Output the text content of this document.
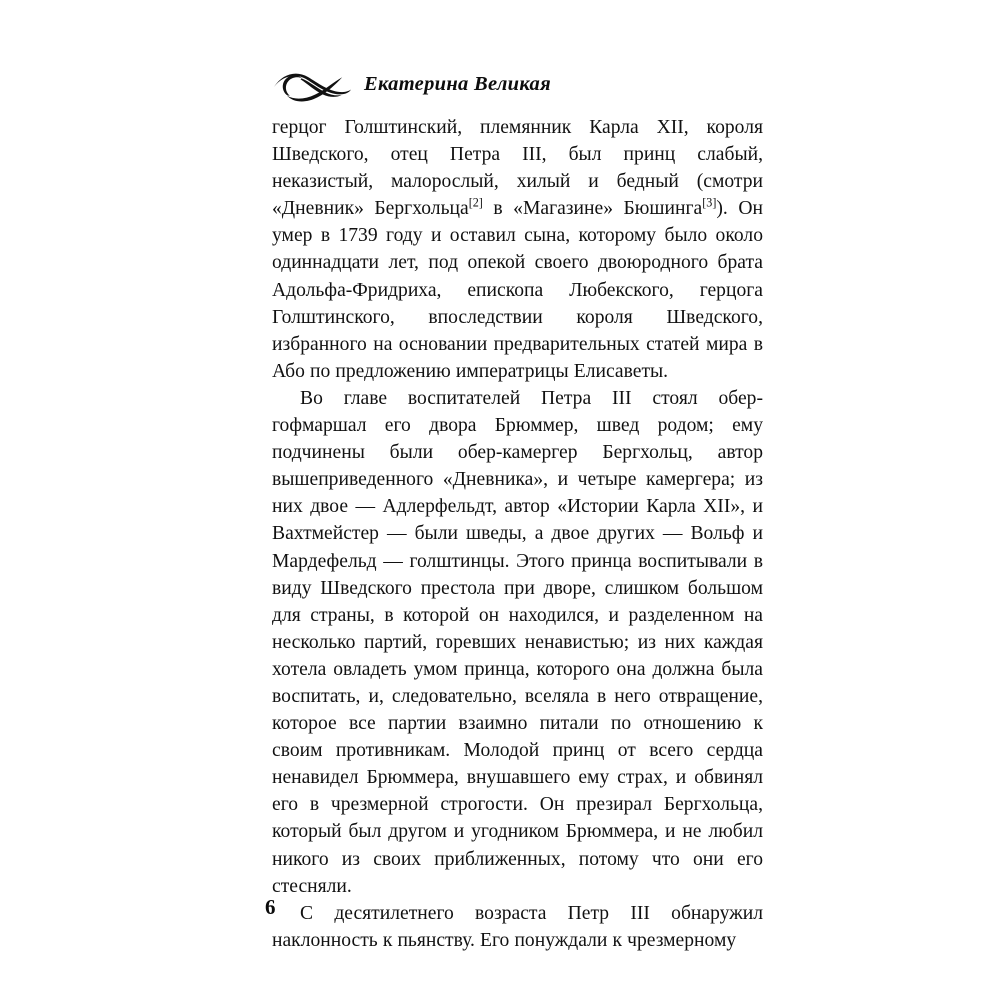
Екатерина Великая

герцог Голштинский, племянник Карла XII, короля Шведского, отец Петра III, был принц слабый, неказистый, малорослый, хилый и бедный (смотри «Дневник» Бергхольца[2] в «Магазине» Бюшинга[3]). Он умер в 1739 году и оставил сына, которому было около одиннадцати лет, под опекой своего двоюродного брата Адольфа-Фридриха, епископа Любекского, герцога Голштинского, впоследствии короля Шведского, избранного на основании предварительных статей мира в Або по предложению императрицы Елисаветы.

Во главе воспитателей Петра III стоял обер-гофмаршал его двора Брюммер, швед родом; ему подчинены были обер-камергер Бергхольц, автор вышеприведенного «Дневника», и четыре камергера; из них двое — Адлерфельдт, автор «Истории Карла XII», и Вахтмейстер — были шведы, а двое других — Вольф и Мардефельд — голштинцы. Этого принца воспитывали в виду Шведского престола при дворе, слишком большом для страны, в которой он находился, и разделенном на несколько партий, горевших ненавистью; из них каждая хотела овладеть умом принца, которого она должна была воспитать, и, следовательно, вселяла в него отвращение, которое все партии взаимно питали по отношению к своим противникам. Молодой принц от всего сердца ненавидел Брюммера, внушавшего ему страх, и обвинял его в чрезмерной строгости. Он презирал Бергхольца, который был другом и угодником Брюммера, и не любил никого из своих приближенных, потому что они его стесняли.

С десятилетнего возраста Петр III обнаружил наклонность к пьянству. Его понуждали к чрезмерному

6
